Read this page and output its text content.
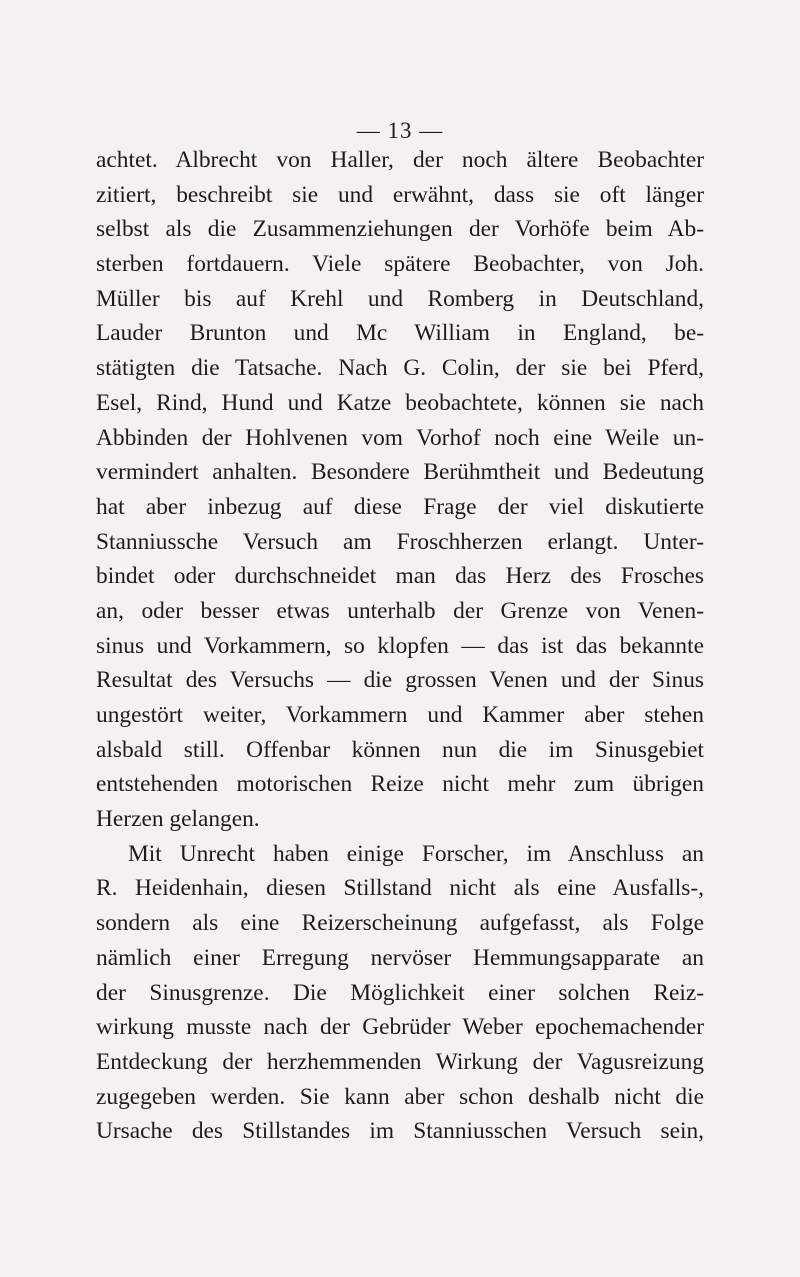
— 13 —
achtet. Albrecht von Haller, der noch ältere Beobachter
zitiert, beschreibt sie und erwähnt, dass sie oft länger
selbst als die Zusammenziehungen der Vorhöfe beim Ab-
sterben fortdauern. Viele spätere Beobachter, von Joh.
Müller bis auf Krehl und Romberg in Deutschland,
Lauder Brunton und Mc William in England, be-
stätigten die Tatsache. Nach G. Colin, der sie bei Pferd,
Esel, Rind, Hund und Katze beobachtete, können sie nach
Abbinden der Hohlvenen vom Vorhof noch eine Weile un-
vermindert anhalten. Besondere Berühmtheit und Bedeutung
hat aber inbezug auf diese Frage der viel diskutierte
Stanniussche Versuch am Froschherzen erlangt. Unter-
bindet oder durchschneidet man das Herz des Frosches
an, oder besser etwas unterhalb der Grenze von Venen-
sinus und Vorkammern, so klopfen — das ist das bekannte
Resultat des Versuchs — die grossen Venen und der Sinus
ungestört weiter, Vorkammern und Kammer aber stehen
alsbald still. Offenbar können nun die im Sinusgebiet
entstehenden motorischen Reize nicht mehr zum übrigen
Herzen gelangen.
Mit Unrecht haben einige Forscher, im Anschluss an
R. Heidenhain, diesen Stillstand nicht als eine Ausfalls-,
sondern als eine Reizerscheinung aufgefasst, als Folge
nämlich einer Erregung nervöser Hemmungsapparate an
der Sinusgrenze. Die Möglichkeit einer solchen Reiz-
wirkung musste nach der Gebrüder Weber epochemachender
Entdeckung der herzhemmenden Wirkung der Vagusreizung
zugegeben werden. Sie kann aber schon deshalb nicht die
Ursache des Stillstandes im Stanniusschen Versuch sein,
